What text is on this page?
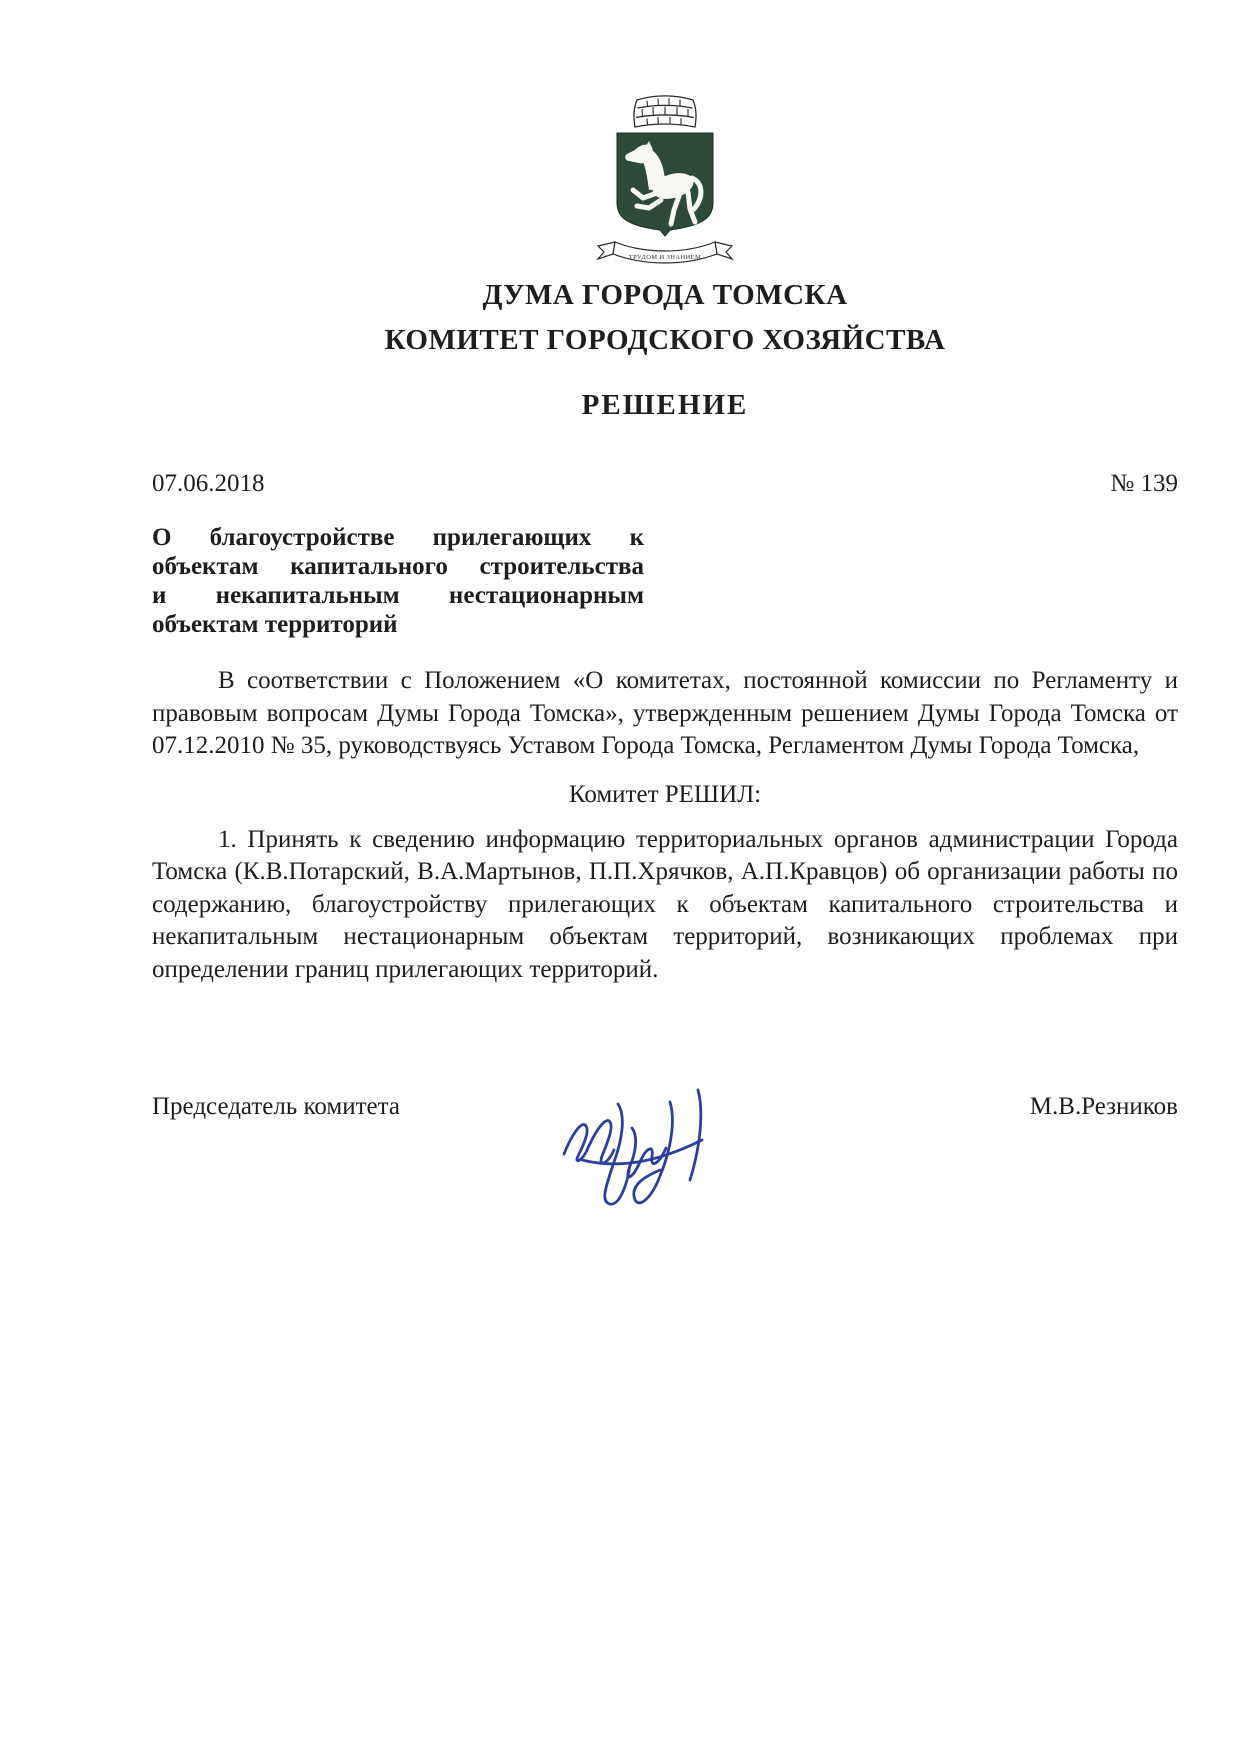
ТРУДОМ И ЗНАНИЕМ
ДУМА ГОРОДА ТОМСКА
КОМИТЕТ ГОРОДСКОГО ХОЗЯЙСТВА
РЕШЕНИЕ
07.06.2018	№ 139
О благоустройстве прилегающих к
объектам капитального строительства
и некапитальным нестационарным
объектам территорий

В соответствии с Положением «О комитетах, постоянной комиссии по Регламенту и правовым вопросам Думы Города Томска», утвержденным решением Думы Города Томска от 07.12.2010 № 35, руководствуясь Уставом Города Томска, Регламентом Думы Города Томска,

Комитет РЕШИЛ:

1. Принять к сведению информацию территориальных органов администрации Города Томска (К.В.Потарский, В.А.Мартынов, П.П.Хрячков, А.П.Кравцов) об организации работы по содержанию, благоустройству прилегающих к объектам капитального строительства и некапитальным нестационарным объектам территорий, возникающих проблемах при определении границ прилегающих территорий.

Председатель комитета	М.В.Резников
